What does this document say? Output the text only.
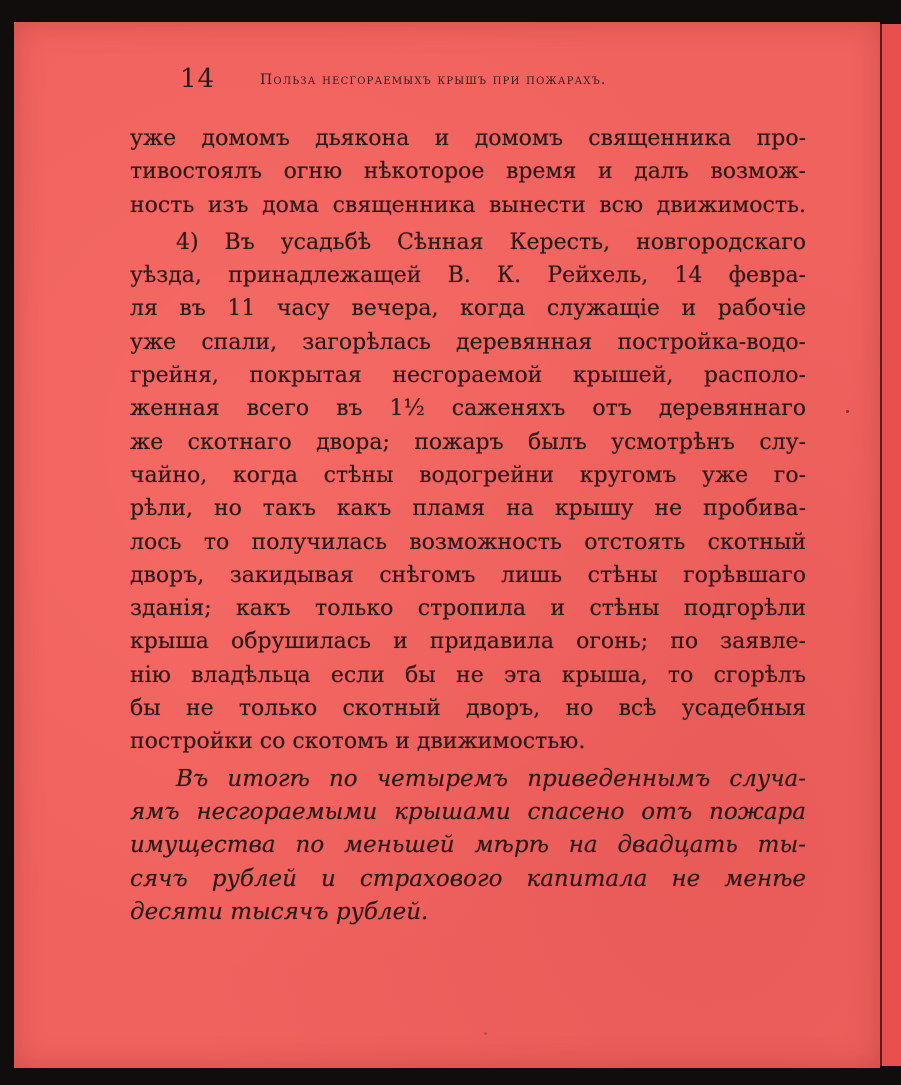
14	Польза несгораемыхъ крышъ при пожарахъ.
уже домомъ дьякона и домомъ священника про-
тивостоялъ огню нѣкоторое время и далъ возмож-
ность изъ дома священника вынести всю движимость.
4) Въ усадьбѣ Сѣнная Кересть, новгородскаго
уѣзда, принадлежащей В. К. Рейхель, 14 февра-
ля въ 11 часу вечера, когда служащіе и рабочіе
уже спали, загорѣлась деревянная постройка-водо-
грейня, покрытая несгораемой крышей, располо-
женная всего въ 1½ саженяхъ отъ деревяннаго
же скотнаго двора; пожаръ былъ усмотрѣнъ слу-
чайно, когда стѣны водогрейни кругомъ уже го-
рѣли, но такъ какъ пламя на крышу не пробива-
лось то получилась возможность отстоять скотный
дворъ, закидывая снѣгомъ лишь стѣны горѣвшаго
зданія; какъ только стропила и стѣны подгорѣли
крыша обрушилась и придавила огонь; по заявле-
нію владѣльца если бы не эта крыша, то сгорѣлъ
бы не только скотный дворъ, но всѣ усадебныя
постройки со скотомъ и движимостью.
Въ итогѣ по четыремъ приведеннымъ случа-
ямъ несгораемыми крышами спасено отъ пожара
имущества по меньшей мѣрѣ на двадцать ты-
сячъ рублей и страхового капитала не менѣе
десяти тысячъ рублей.
